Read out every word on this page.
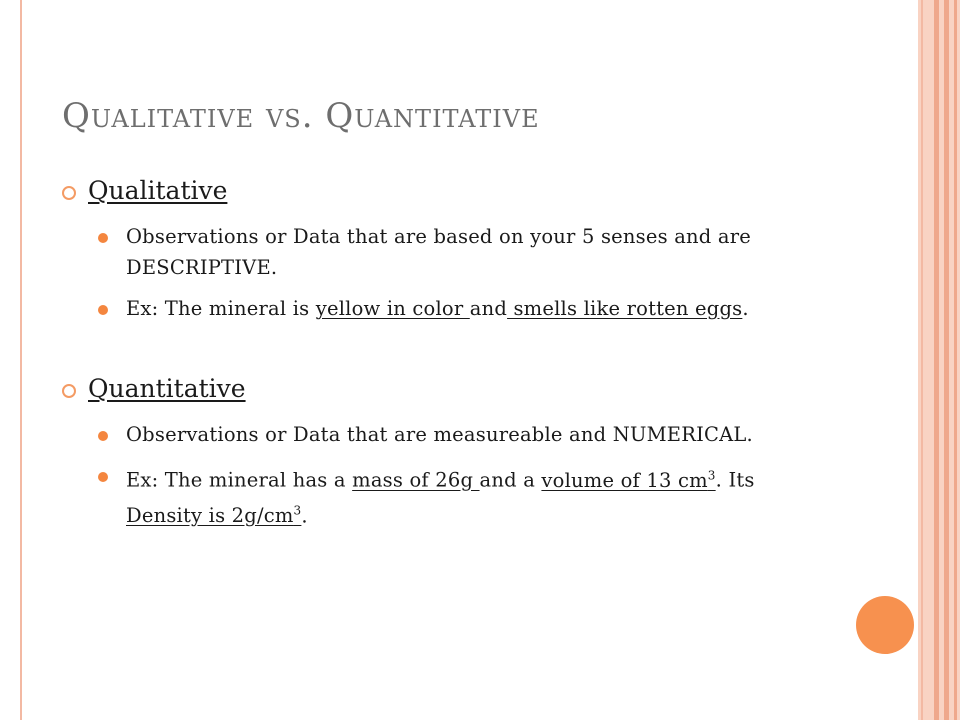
Qualitative vs. Quantitative
Qualitative
Observations or Data that are based on your 5 senses and are DESCRIPTIVE.
Ex: The mineral is yellow in color and smells like rotten eggs.
Quantitative
Observations or Data that are measureable and NUMERICAL.
Ex: The mineral has a mass of 26g and a volume of 13 $cm^3$. Its Density is $2g/cm^3$.
